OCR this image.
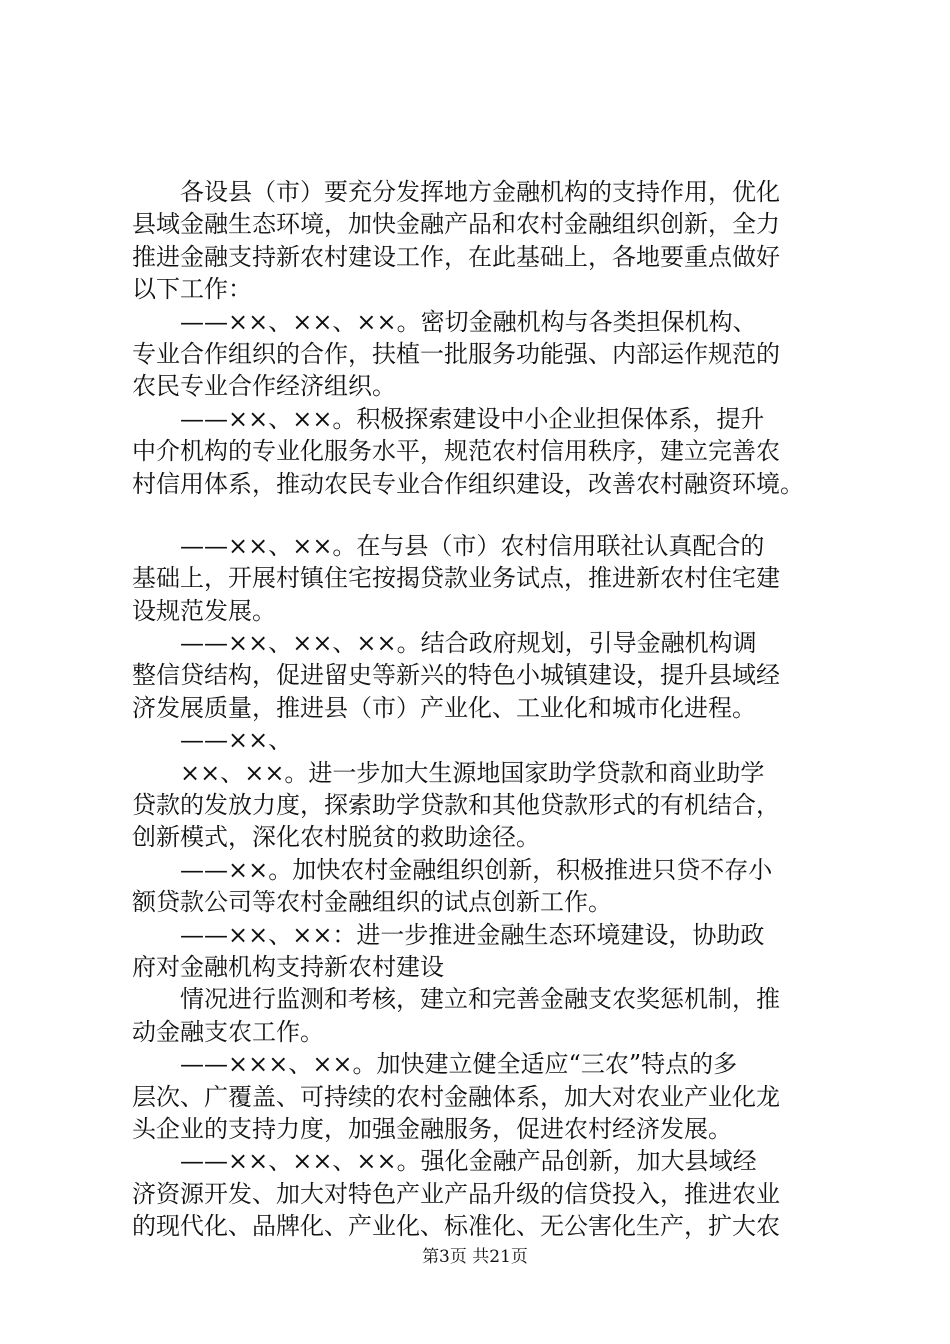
各设县（市）要充分发挥地方金融机构的支持作用，优化
县域金融生态环境，加快金融产品和农村金融组织创新，全力
推进金融支持新农村建设工作，在此基础上，各地要重点做好
以下工作：
——××、××、××。密切金融机构与各类担保机构、
专业合作组织的合作，扶植一批服务功能强、内部运作规范的
农民专业合作经济组织。
——××、××。积极探索建设中小企业担保体系，提升
中介机构的专业化服务水平，规范农村信用秩序，建立完善农
村信用体系，推动农民专业合作组织建设，改善农村融资环境。
——××、××。在与县（市）农村信用联社认真配合的
基础上，开展村镇住宅按揭贷款业务试点，推进新农村住宅建
设规范发展。
——××、××、××。结合政府规划，引导金融机构调
整信贷结构，促进留史等新兴的特色小城镇建设，提升县域经
济发展质量，推进县（市）产业化、工业化和城市化进程。
——××、
××、××。进一步加大生源地国家助学贷款和商业助学
贷款的发放力度，探索助学贷款和其他贷款形式的有机结合，
创新模式，深化农村脱贫的救助途径。
——××。加快农村金融组织创新，积极推进只贷不存小
额贷款公司等农村金融组织的试点创新工作。
——××、××：进一步推进金融生态环境建设，协助政
府对金融机构支持新农村建设
情况进行监测和考核，建立和完善金融支农奖惩机制，推
动金融支农工作。
——×××、××。加快建立健全适应“三农”特点的多
层次、广覆盖、可持续的农村金融体系，加大对农业产业化龙
头企业的支持力度，加强金融服务，促进农村经济发展。
——××、××、××。强化金融产品创新，加大县域经
济资源开发、加大对特色产业产品升级的信贷投入，推进农业
的现代化、品牌化、产业化、标准化、无公害化生产，扩大农
第3页 共21页
